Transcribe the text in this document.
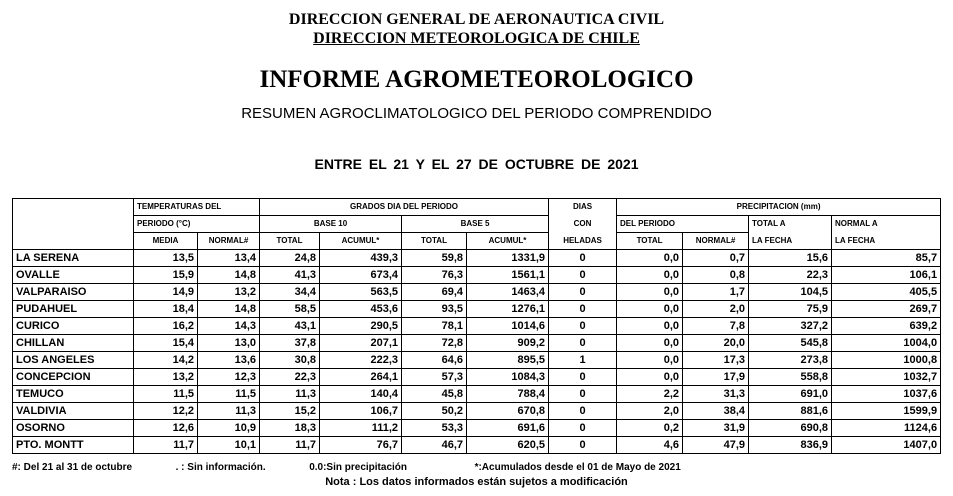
DIRECCION GENERAL DE AERONAUTICA CIVIL
DIRECCION METEOROLOGICA DE CHILE
INFORME AGROMETEOROLOGICO
RESUMEN AGROCLIMATOLOGICO DEL PERIODO COMPRENDIDO
ENTRE EL 21 Y EL 27 DE OCTUBRE DE 2021
	TEMPERATURAS DEL		GRADOS DIA DEL PERIODO				DIAS	PRECIPITACION (mm)			
	PERIODO (°C)		BASE 10		BASE 5		CON	DEL PERIODO		TOTAL A	NORMAL A
	MEDIA	NORMAL#	TOTAL	ACUMUL*	TOTAL	ACUMUL*	HELADAS	TOTAL	NORMAL#	LA FECHA	LA FECHA
LA SERENA	13,5	13,4	24,8	439,3	59,8	1331,9	0	0,0	0,7	15,6	85,7
OVALLE	15,9	14,8	41,3	673,4	76,3	1561,1	0	0,0	0,8	22,3	106,1
VALPARAISO	14,9	13,2	34,4	563,5	69,4	1463,4	0	0,0	1,7	104,5	405,5
PUDAHUEL	18,4	14,8	58,5	453,6	93,5	1276,1	0	0,0	2,0	75,9	269,7
CURICO	16,2	14,3	43,1	290,5	78,1	1014,6	0	0,0	7,8	327,2	639,2
CHILLAN	15,4	13,0	37,8	207,1	72,8	909,2	0	0,0	20,0	545,8	1004,0
LOS ANGELES	14,2	13,6	30,8	222,3	64,6	895,5	1	0,0	17,3	273,8	1000,8
CONCEPCION	13,2	12,3	22,3	264,1	57,3	1084,3	0	0,0	17,9	558,8	1032,7
TEMUCO	11,5	11,5	11,3	140,4	45,8	788,4	0	2,2	31,3	691,0	1037,6
VALDIVIA	12,2	11,3	15,2	106,7	50,2	670,8	0	2,0	38,4	881,6	1599,9
OSORNO	12,6	10,9	18,3	111,2	53,3	691,6	0	0,2	31,9	690,8	1124,6
PTO. MONTT	11,7	10,1	11,7	76,7	46,7	620,5	0	4,6	47,9	836,9	1407,0
#: Del 21 al 31 de octubre	. : Sin información.	0.0:Sin precipitación	*:Acumulados desde el 01 de Mayo de 2021
Nota : Los datos informados están sujetos a modificación
